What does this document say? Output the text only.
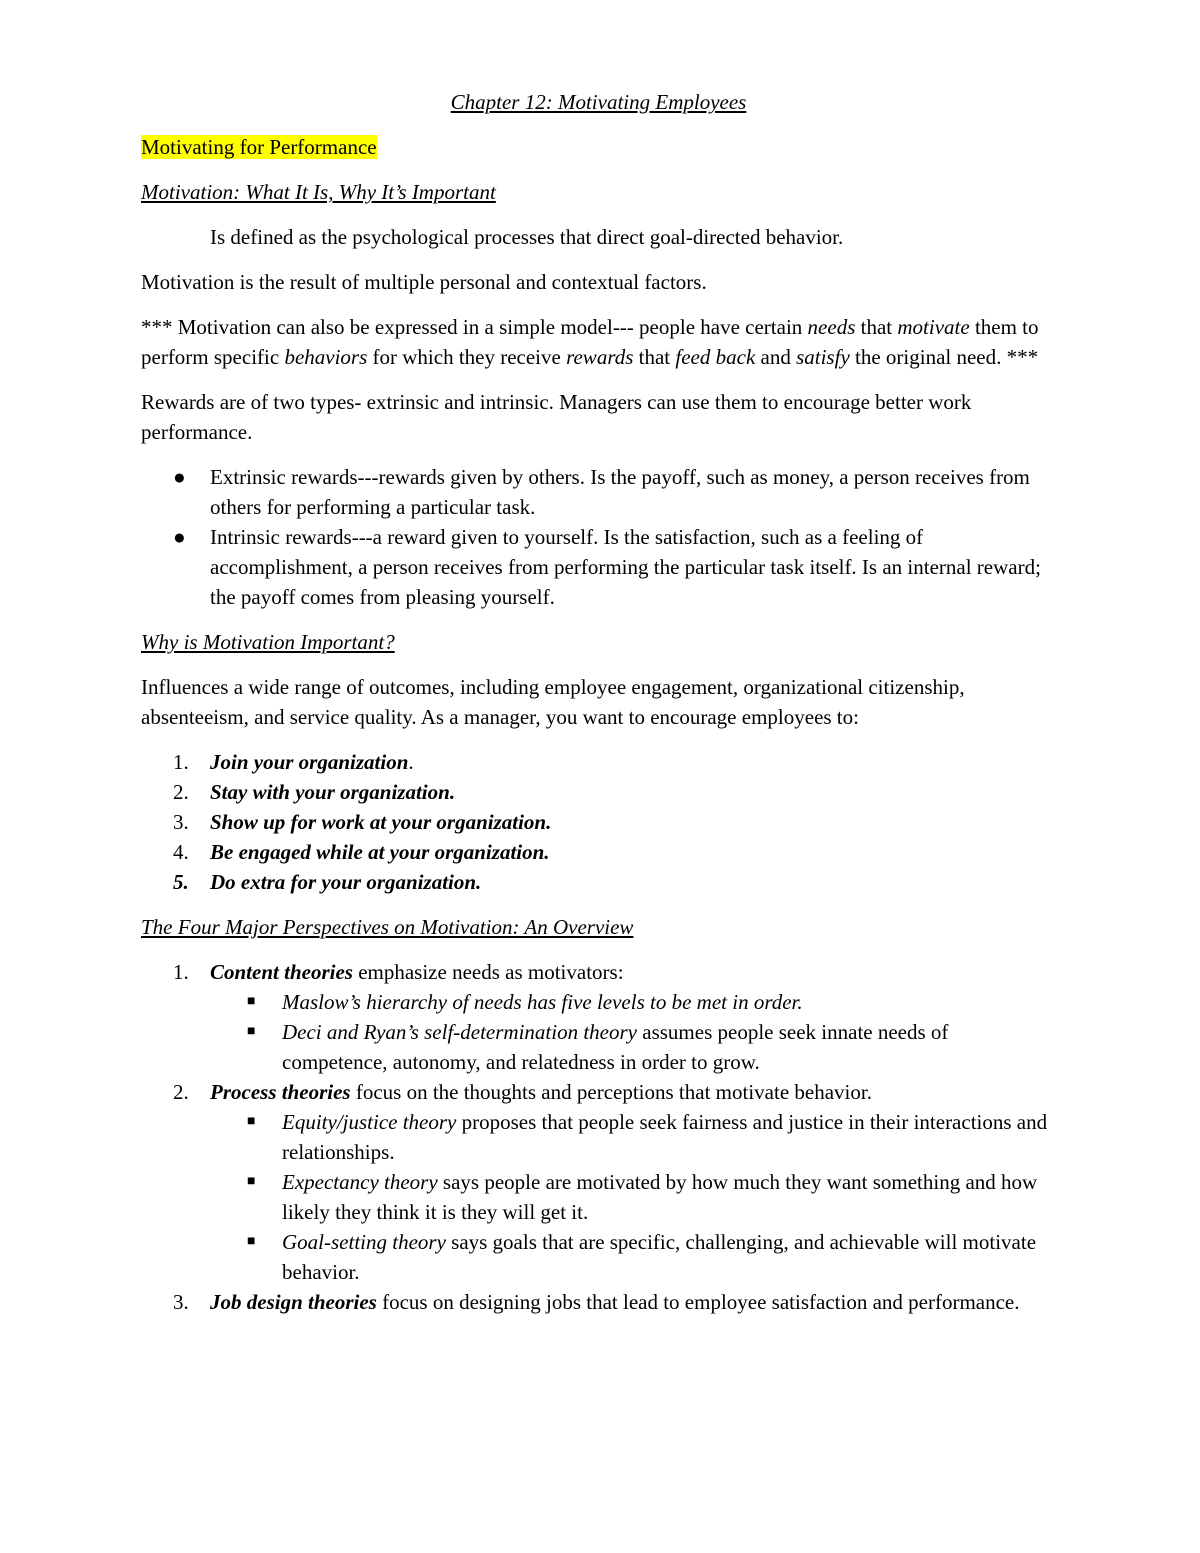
Chapter 12: Motivating Employees

Motivating for Performance

Motivation: What It Is, Why It’s Important

Is defined as the psychological processes that direct goal-directed behavior.

Motivation is the result of multiple personal and contextual factors.

*** Motivation can also be expressed in a simple model--- people have certain needs that motivate them to perform specific behaviors for which they receive rewards that feed back and satisfy the original need. ***

Rewards are of two types- extrinsic and intrinsic. Managers can use them to encourage better work performance.

● Extrinsic rewards---rewards given by others. Is the payoff, such as money, a person receives from others for performing a particular task.
● Intrinsic rewards---a reward given to yourself. Is the satisfaction, such as a feeling of accomplishment, a person receives from performing the particular task itself. Is an internal reward; the payoff comes from pleasing yourself.

Why is Motivation Important?

Influences a wide range of outcomes, including employee engagement, organizational citizenship, absenteeism, and service quality. As a manager, you want to encourage employees to:

1. Join your organization.
2. Stay with your organization.
3. Show up for work at your organization.
4. Be engaged while at your organization.
5. Do extra for your organization.

The Four Major Perspectives on Motivation: An Overview

1. Content theories emphasize needs as motivators:
■ Maslow’s hierarchy of needs has five levels to be met in order.
■ Deci and Ryan’s self-determination theory assumes people seek innate needs of competence, autonomy, and relatedness in order to grow.
2. Process theories focus on the thoughts and perceptions that motivate behavior.
■ Equity/justice theory proposes that people seek fairness and justice in their interactions and relationships.
■ Expectancy theory says people are motivated by how much they want something and how likely they think it is they will get it.
■ Goal-setting theory says goals that are specific, challenging, and achievable will motivate behavior.
3. Job design theories focus on designing jobs that lead to employee satisfaction and performance.
